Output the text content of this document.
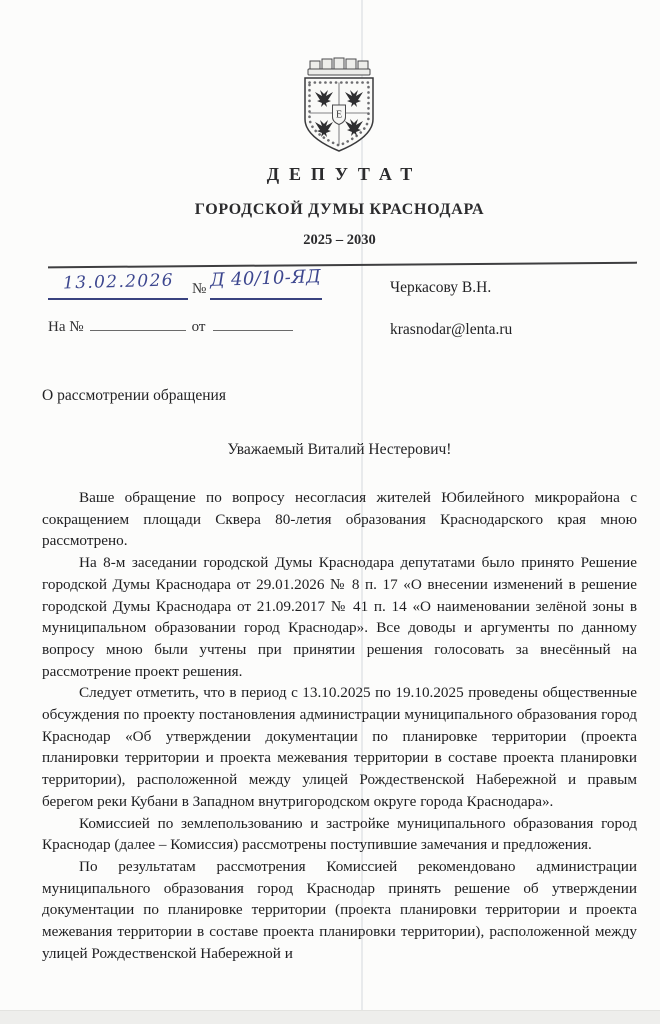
Е
ДЕПУТАТ
ГОРОДСКОЙ ДУМЫ КРАСНОДАРА
2025 – 2030
13.02.2026	№ Д 40/10-ЯД	Черкасову В.Н.
На №	от	krasnodar@lenta.ru
О рассмотрении обращения
Уважаемый Виталий Нестерович!

Ваше обращение по вопросу несогласия жителей Юбилейного микрорайона с сокращением площади Сквера 80-летия образования Краснодарского края мною рассмотрено.

На 8-м заседании городской Думы Краснодара депутатами было принято Решение городской Думы Краснодара от 29.01.2026 № 8 п. 17 «О внесении изменений в решение городской Думы Краснодара от 21.09.2017 № 41 п. 14 «О наименовании зелёной зоны в муниципальном образовании город Краснодар». Все доводы и аргументы по данному вопросу мною были учтены при принятии решения голосовать за внесённый на рассмотрение проект решения.

Следует отметить, что в период с 13.10.2025 по 19.10.2025 проведены общественные обсуждения по проекту постановления администрации муниципального образования город Краснодар «Об утверждении документации по планировке территории (проекта планировки территории и проекта межевания территории в составе проекта планировки территории), расположенной между улицей Рождественской Набережной и правым берегом реки Кубани в Западном внутригородском округе города Краснодара».

Комиссией по землепользованию и застройке муниципального образования город Краснодар (далее – Комиссия) рассмотрены поступившие замечания и предложения.

По результатам рассмотрения Комиссией рекомендовано администрации муниципального образования город Краснодар принять решение об утверждении документации по планировке территории (проекта планировки территории и проекта межевания территории в составе проекта планировки территории), расположенной между улицей Рождественской Набережной и
